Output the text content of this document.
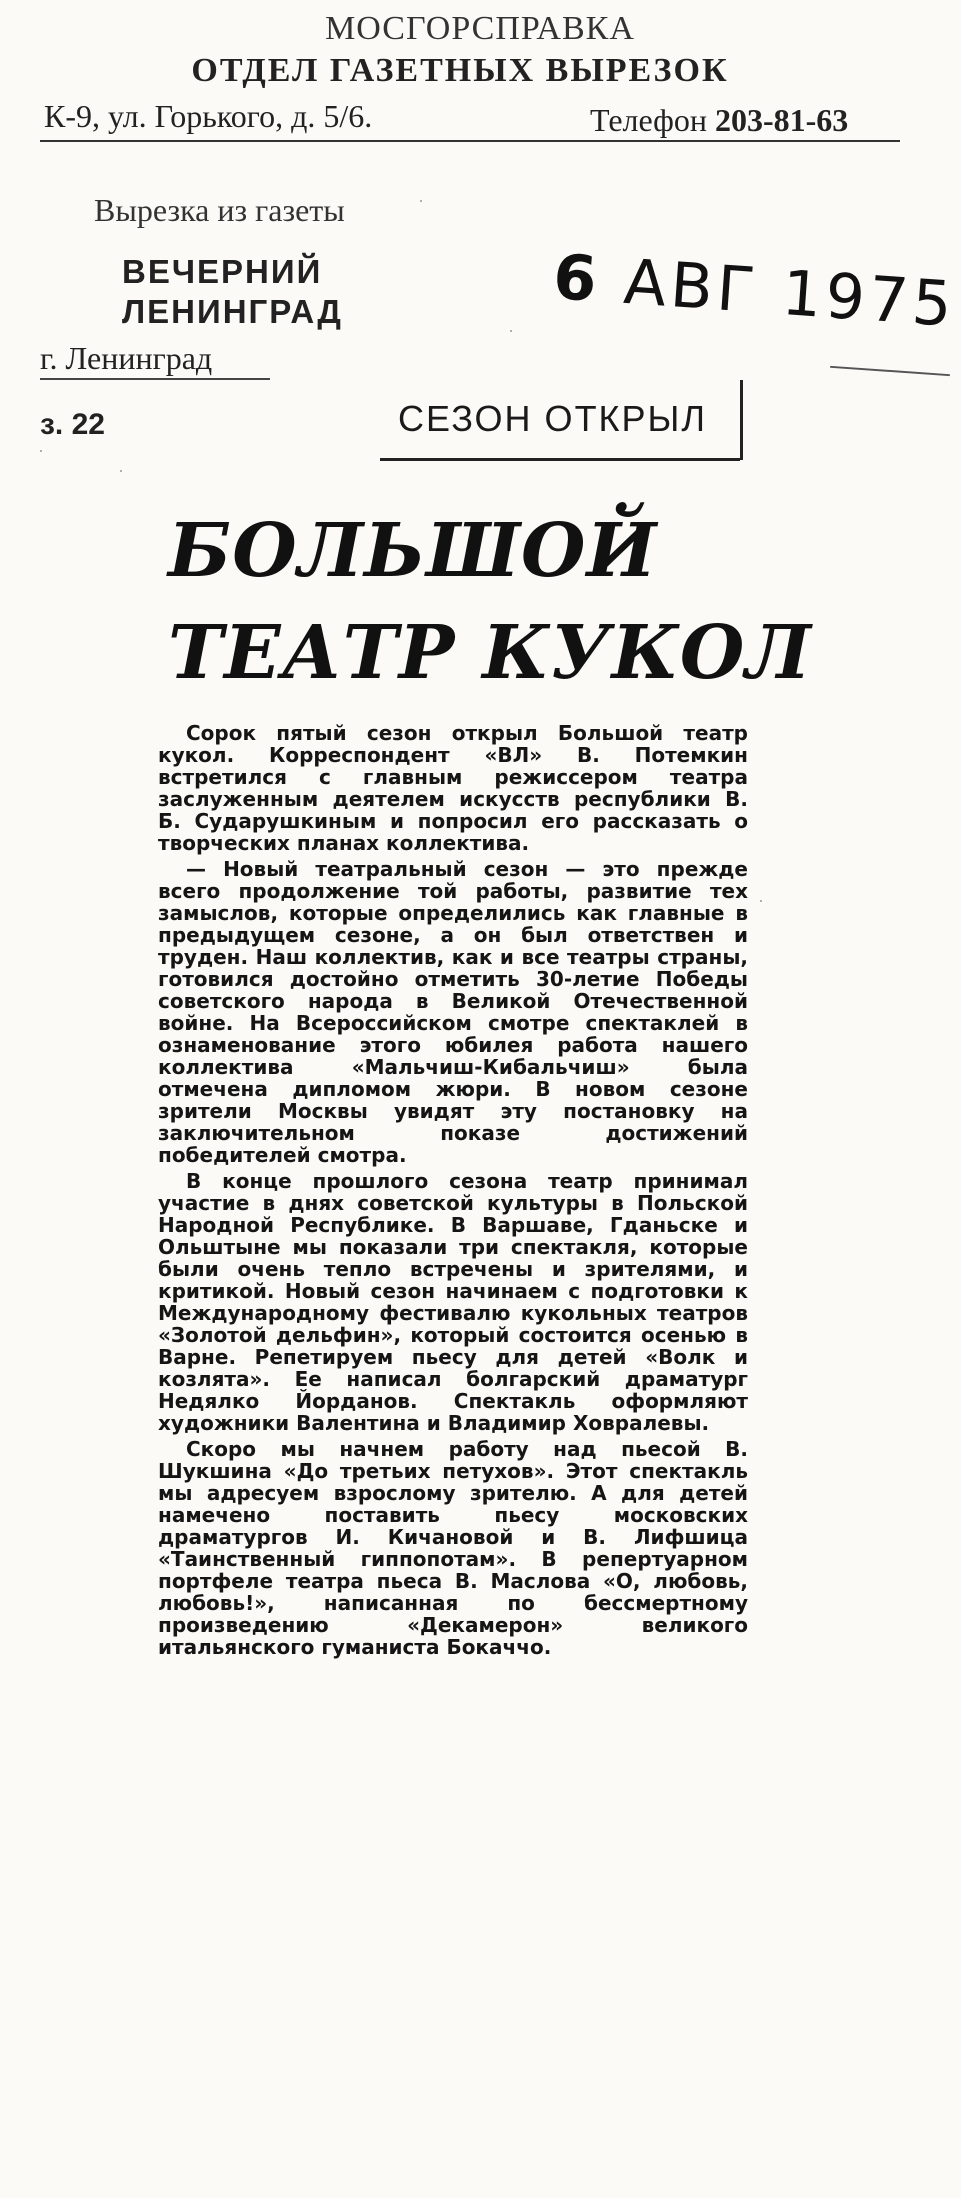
МОСГОРСПРАВКА
ОТДЕЛ ГАЗЕТНЫХ ВЫРЕЗОК
К-9, ул. Горького, д. 5/6.	Телефон 203-81-63
Вырезка из газеты
ВЕЧЕРНИЙ
ЛЕНИНГРАД	6 АВГ 1975
г. Ленинград
з. 22	СЕЗОН ОТКРЫЛ
БОЛЬШОЙ
ТЕАТР КУКОЛ

Сорок пятый сезон открыл Большой театр кукол. Корреспондент «ВЛ» В. Потемкин встретился с главным режиссером театра заслуженным деятелем искусств республики В. Б. Сударушкиным и попросил его рассказать о творческих планах коллектива.

— Новый театральный сезон — это прежде всего продолжение той работы, развитие тех замыслов, которые определились как главные в предыдущем сезоне, а он был ответствен и труден. Наш коллектив, как и все театры страны, готовился достойно отметить 30-летие Победы советского народа в Великой Отечественной войне. На Всероссийском смотре спектаклей в ознаменование этого юбилея работа нашего коллектива «Мальчиш-Кибальчиш» была отмечена дипломом жюри. В новом сезоне зрители Москвы увидят эту постановку на заключительном показе достижений победителей смотра.

В конце прошлого сезона театр принимал участие в днях советской культуры в Польской Народной Республике. В Варшаве, Гданьске и Ольштыне мы показали три спектакля, которые были очень тепло встречены и зрителями, и критикой. Новый сезон начинаем с подготовки к Международному фестивалю кукольных театров «Золотой дельфин», который состоится осенью в Варне. Репетируем пьесу для детей «Волк и козлята». Ее написал болгарский драматург Недялко Йорданов. Спектакль оформляют художники Валентина и Владимир Ховралевы.

Скоро мы начнем работу над пьесой В. Шукшина «До третьих петухов». Этот спектакль мы адресуем взрослому зрителю. А для детей намечено поставить пьесу московских драматургов И. Кичановой и В. Лифшица «Таинственный гиппопотам». В репертуарном портфеле театра пьеса В. Маслова «О, любовь, любовь!», написанная по бессмертному произведению «Декамерон» великого итальянского гуманиста Бокаччо.
